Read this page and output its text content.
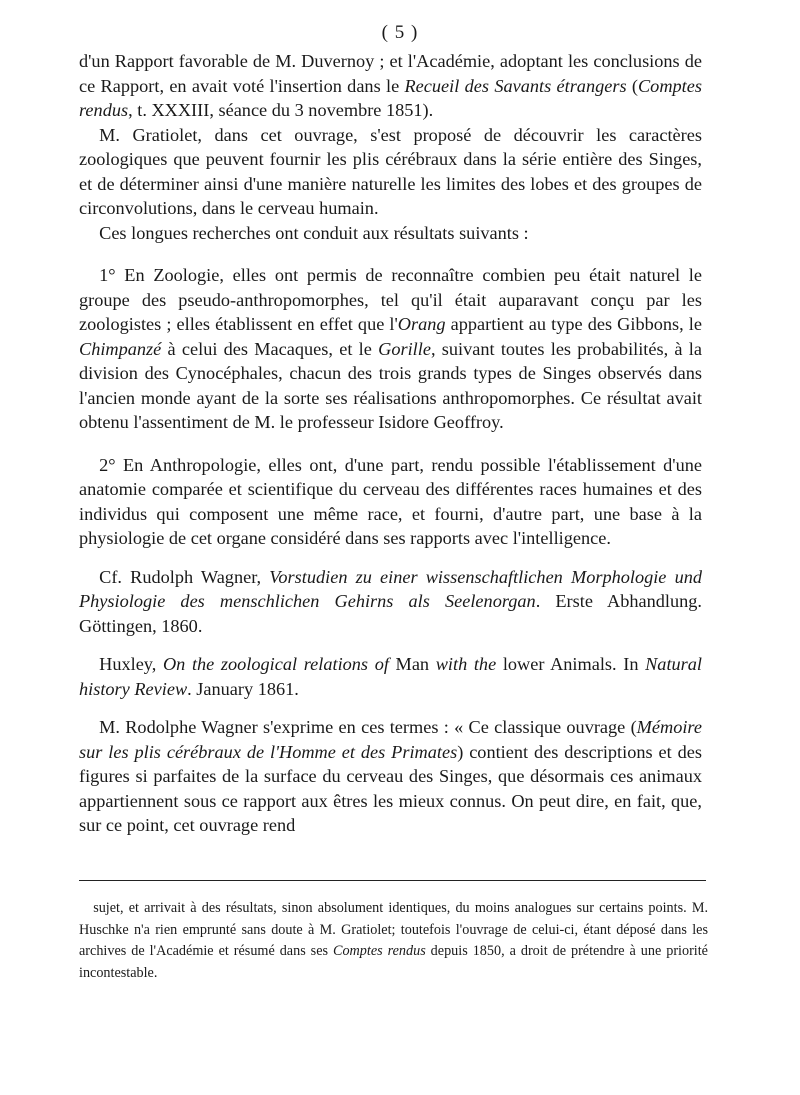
( 5 )

d'un Rapport favorable de M. Duvernoy ; et l'Académie, adoptant les conclusions de ce Rapport, en avait voté l'insertion dans le Recueil des Savants étrangers (Comptes rendus, t. XXXIII, séance du 3 novembre 1851).

M. Gratiolet, dans cet ouvrage, s'est proposé de découvrir les caractères zoologiques que peuvent fournir les plis cérébraux dans la série entière des Singes, et de déterminer ainsi d'une manière naturelle les limites des lobes et des groupes de circonvolutions, dans le cerveau humain.

Ces longues recherches ont conduit aux résultats suivants :

1° En Zoologie, elles ont permis de reconnaître combien peu était naturel le groupe des pseudo-anthropomorphes, tel qu'il était auparavant conçu par les zoologistes ; elles établissent en effet que l'Orang appartient au type des Gibbons, le Chimpanzé à celui des Macaques, et le Gorille, suivant toutes les probabilités, à la division des Cynocéphales, chacun des trois grands types de Singes observés dans l'ancien monde ayant de la sorte ses réalisations anthropomorphes. Ce résultat avait obtenu l'assentiment de M. le professeur Isidore Geoffroy.

2° En Anthropologie, elles ont, d'une part, rendu possible l'établissement d'une anatomie comparée et scientifique du cerveau des différentes races humaines et des individus qui composent une même race, et fourni, d'autre part, une base à la physiologie de cet organe considéré dans ses rapports avec l'intelligence.

Cf. Rudolph Wagner, Vorstudien zu einer wissenschaftlichen Morphologie und Physiologie des menschlichen Gehirns als Seelenorgan. Erste Abhandlung. Göttingen, 1860.

Huxley, On the zoological relations of Man with the lower Animals. In Natural history Review. January 1861.

M. Rodolphe Wagner s'exprime en ces termes : « Ce classique ouvrage (Mémoire sur les plis cérébraux de l'Homme et des Primates) contient des descriptions et des figures si parfaites de la surface du cerveau des Singes, que désormais ces animaux appartiennent sous ce rapport aux êtres les mieux connus. On peut dire, en fait, que, sur ce point, cet ouvrage rend

sujet, et arrivait à des résultats, sinon absolument identiques, du moins analogues sur certains points. M. Huschke n'a rien emprunté sans doute à M. Gratiolet; toutefois l'ouvrage de celui-ci, étant déposé dans les archives de l'Académie et résumé dans ses Comptes rendus depuis 1850, a droit de prétendre à une priorité incontestable.
